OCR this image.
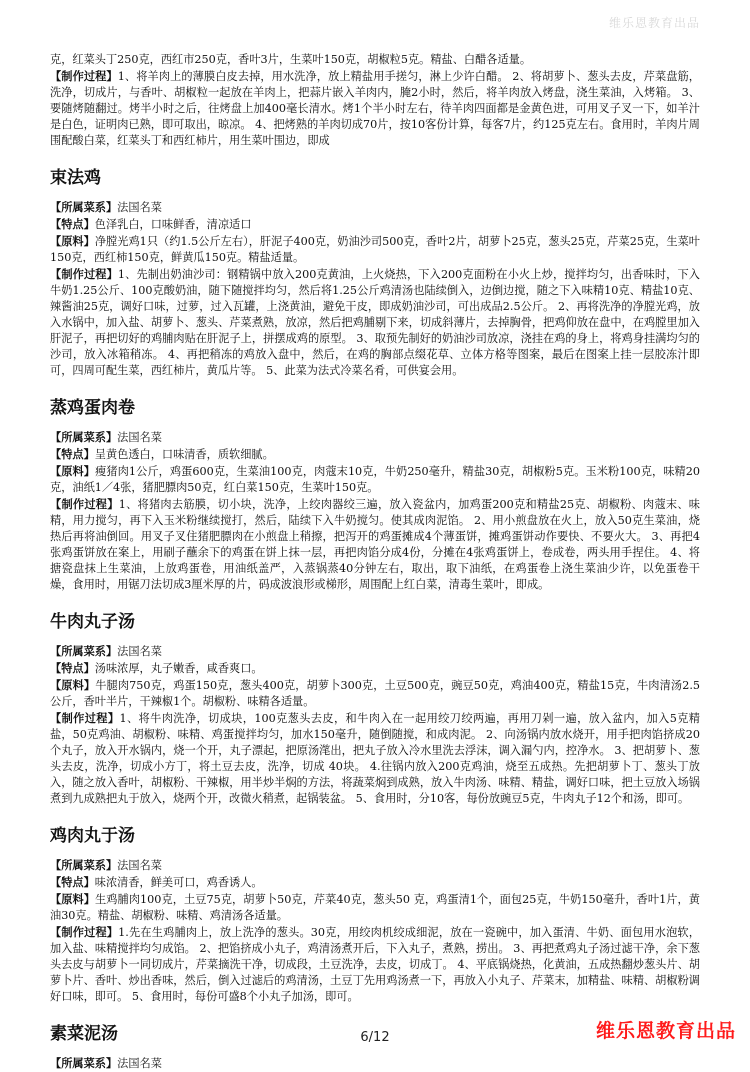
维乐恩教育出品

克，红菜头丁250克，西红市250克，香叶3片，生菜叶150克，胡椒粒5克。精盐、白醋各适量。

【制作过程】1、将羊肉上的薄膜白皮去掉，用水洗净，放上精盐用手搓匀，淋上少许白醋。 2、将胡萝卜、葱头去皮，芹菜盘筋，洗净，切成片，与香叶、胡椒粒一起放在羊肉上，把蒜片嵌入羊肉内，腌2小时，然后，将羊肉放入烤盘，浇生菜油，入烤箱。 3、要随烤随翻过。烤半小时之后，往烤盘上加400毫长清水。烤1个半小时左右，待羊肉四面都是金黄色进，可用叉子叉一下，如羊汁是白色，证明肉已熟，即可取出，晾凉。 4、把烤熟的羊肉切成70片，按10客份计算，每客7片，约125克左右。食用时，羊肉片周围配酸白菜，红菜头丁和西红柿片，用生菜叶围边，即成

束法鸡

【所属菜系】法国名菜

【特点】色泽乳白，口味鲜香，清凉适口

【原料】净膛光鸡1只（约1.5公斤左右），肝泥子400克，奶油沙司500克，香叶2片，胡萝卜25克，葱头25克，芹菜25克，生菜叶150克，西红柿150克，鲜黄瓜150克。精盐适量。

【制作过程】1、先制出奶油沙司：钢精锅中放入200克黄油，上火烧热，下入200克面粉在小火上炒，搅拌均匀，出香味时，下入牛奶1.25公斤、100克酸奶油，随下随搅拌均匀，然后将1.25公斤鸡清汤也陆续倒入，边倒边搅，随之下入味精10克、精盐10克、辣酱油25克，调好口味，过萝，过入瓦罐，上浇黄油，避免干皮，即成奶油沙司，可出成品2.5公斤。 2、再将洗净的净膛光鸡，放入水锅中，加入盐、胡萝卜、葱头、芹菜煮熟，放凉，然后把鸡脯剔下来，切成斜薄片，去掉胸骨，把鸡仰放在盘中，在鸡膛里加入肝泥子，再把切好的鸡脯肉贴在肝泥子上，拼摆成鸡的原型。 3、取预先制好的奶油沙司放凉，浇挂在鸡的身上，将鸡身挂满均匀的沙司，放入冰箱稍冻。 4、再把稍冻的鸡放入盘中，然后，在鸡的胸部点缀花草、立体方格等图案，最后在图案上挂一层胶冻汁即可，四周可配生菜，西红柿片，黄瓜片等。 5、此菜为法式冷菜名肴，可供宴会用。

蒸鸡蛋肉卷

【所属菜系】法国名菜

【特点】呈黄色透白，口味清香，质软细腻。

【原料】瘦猪肉1公斤，鸡蛋600克，生菜油100克，肉蔻末10克，牛奶250毫升，精盐30克，胡椒粉5克。玉米粉100克，味精20克，油纸1／4张，猪肥膘肉50克，红白菜150克，生菜叶150克。

【制作过程】1、将猪肉去筋膜，切小块，洗净，上绞肉器绞三遍，放入瓷盆内，加鸡蛋200克和精盐25克、胡椒粉、肉蔻末、味精，用力搅匀，再下入玉米粉继续搅打，然后，陆续下入牛奶搅匀。使其成肉泥馅。 2、用小煎盘放在火上，放入50克生菜油，烧热后再将油倒回。用叉子叉住猪肥膘肉在小煎盘上稍擦，把泻开的鸡蛋摊成4个薄蛋饼，摊鸡蛋饼动作要快、不要火大。 3、再把4张鸡蛋饼放在案上，用刷子蘸余下的鸡蛋在饼上抹一层，再把肉馅分成4份，分摊在4张鸡蛋饼上，卷成卷，两头用手捏住。 4、将搪瓷盘抹上生菜油，上放鸡蛋卷，用油纸盖严，入蒸锅蒸40分钟左右，取出，取下油纸，在鸡蛋卷上浇生菜油少许，以免蛋卷干燥，食用时，用锯刀法切成3厘米厚的片，码成波浪形或梯形，周围配上红白菜，清毒生菜叶，即成。

牛肉丸子汤

【所属菜系】法国名菜

【特点】汤味浓厚，丸子嫩香，咸香爽口。

【原料】牛腿肉750克，鸡蛋150克，葱头400克，胡萝卜300克，土豆500克，豌豆50克，鸡油400克，精盐15克，牛肉清汤2.5公斤，香叶半片，干辣椒1个。胡椒粉、味精各适量。

【制作过程】1、将牛肉洗净，切成块，100克葱头去皮，和牛肉入在一起用绞刀绞两遍，再用刀剁一遍，放入盆内，加入5克精盐，50克鸡油、胡椒粉、味精、鸡蛋搅拌均匀，加水150毫升，随倒随搅，和成肉泥。 2、向汤锅内放水烧开，用手把肉馅挤成20个丸子，放入开水锅内，烧一个开，丸子漂起，把原汤滗出，把丸子放入冷水里洗去浮沫，调入漏勺内，控净水。 3、把胡萝卜、葱头去皮，洗净，切成小方丁，将土豆去皮，洗净，切成 40块。 4.往锅内放入200克鸡油，烧至五成热。先把胡萝卜丁、葱头丁放入，随之放入香叶，胡椒粉、干辣椒，用半炒半焖的方法，将蔬菜焖到成熟，放入牛肉汤、味精、精盐，调好口味，把土豆放入场锅煮到九成熟把丸于放入，烧两个开，改微火稍煮，起锅装盆。 5、食用时，分10客，每份放豌豆5克，牛肉丸子12个和汤，即可。

鸡肉丸于汤

【所属菜系】法国名菜

【特点】味浓清香，鲜美可口，鸡香诱人。

【原料】生鸡脯肉100克，土豆75克，胡萝卜50克，芹菜40克，葱头50 克，鸡蛋清1个，面包25克，牛奶150毫升，香叶1片，黄油30克。精盐、胡椒粉、味精、鸡清汤各适量。

【制作过程】1.先在生鸡脯肉上，放上洗净的葱头。30克，用绞肉机绞成细泥，放在一瓷碗中，加入蛋清、牛奶、面包用水泡软，加入盐、味精搅拌均匀成馅。 2、把馅挤成小丸子，鸡清汤煮开后，下入丸子，煮熟，捞出。 3、再把煮鸡丸子汤过滤干净，余下葱头去皮与胡萝卜一同切成片，芹菜摘洗干净，切成段，土豆洗净，去皮，切成丁。 4、平底锅烧热，化黄油，五成热翻炒葱头片、胡萝卜片、香叶、炒出香味，然后，倒入过滤后的鸡清汤，土豆丁先用鸡汤煮一下，再放入小丸子、芹菜末，加精盐、味精、胡椒粉调好口味，即可。 5、食用时，每份可盛8个小丸子加汤，即可。

素菜泥汤

【所属菜系】法国名菜

6/12	维乐恩教育出品
